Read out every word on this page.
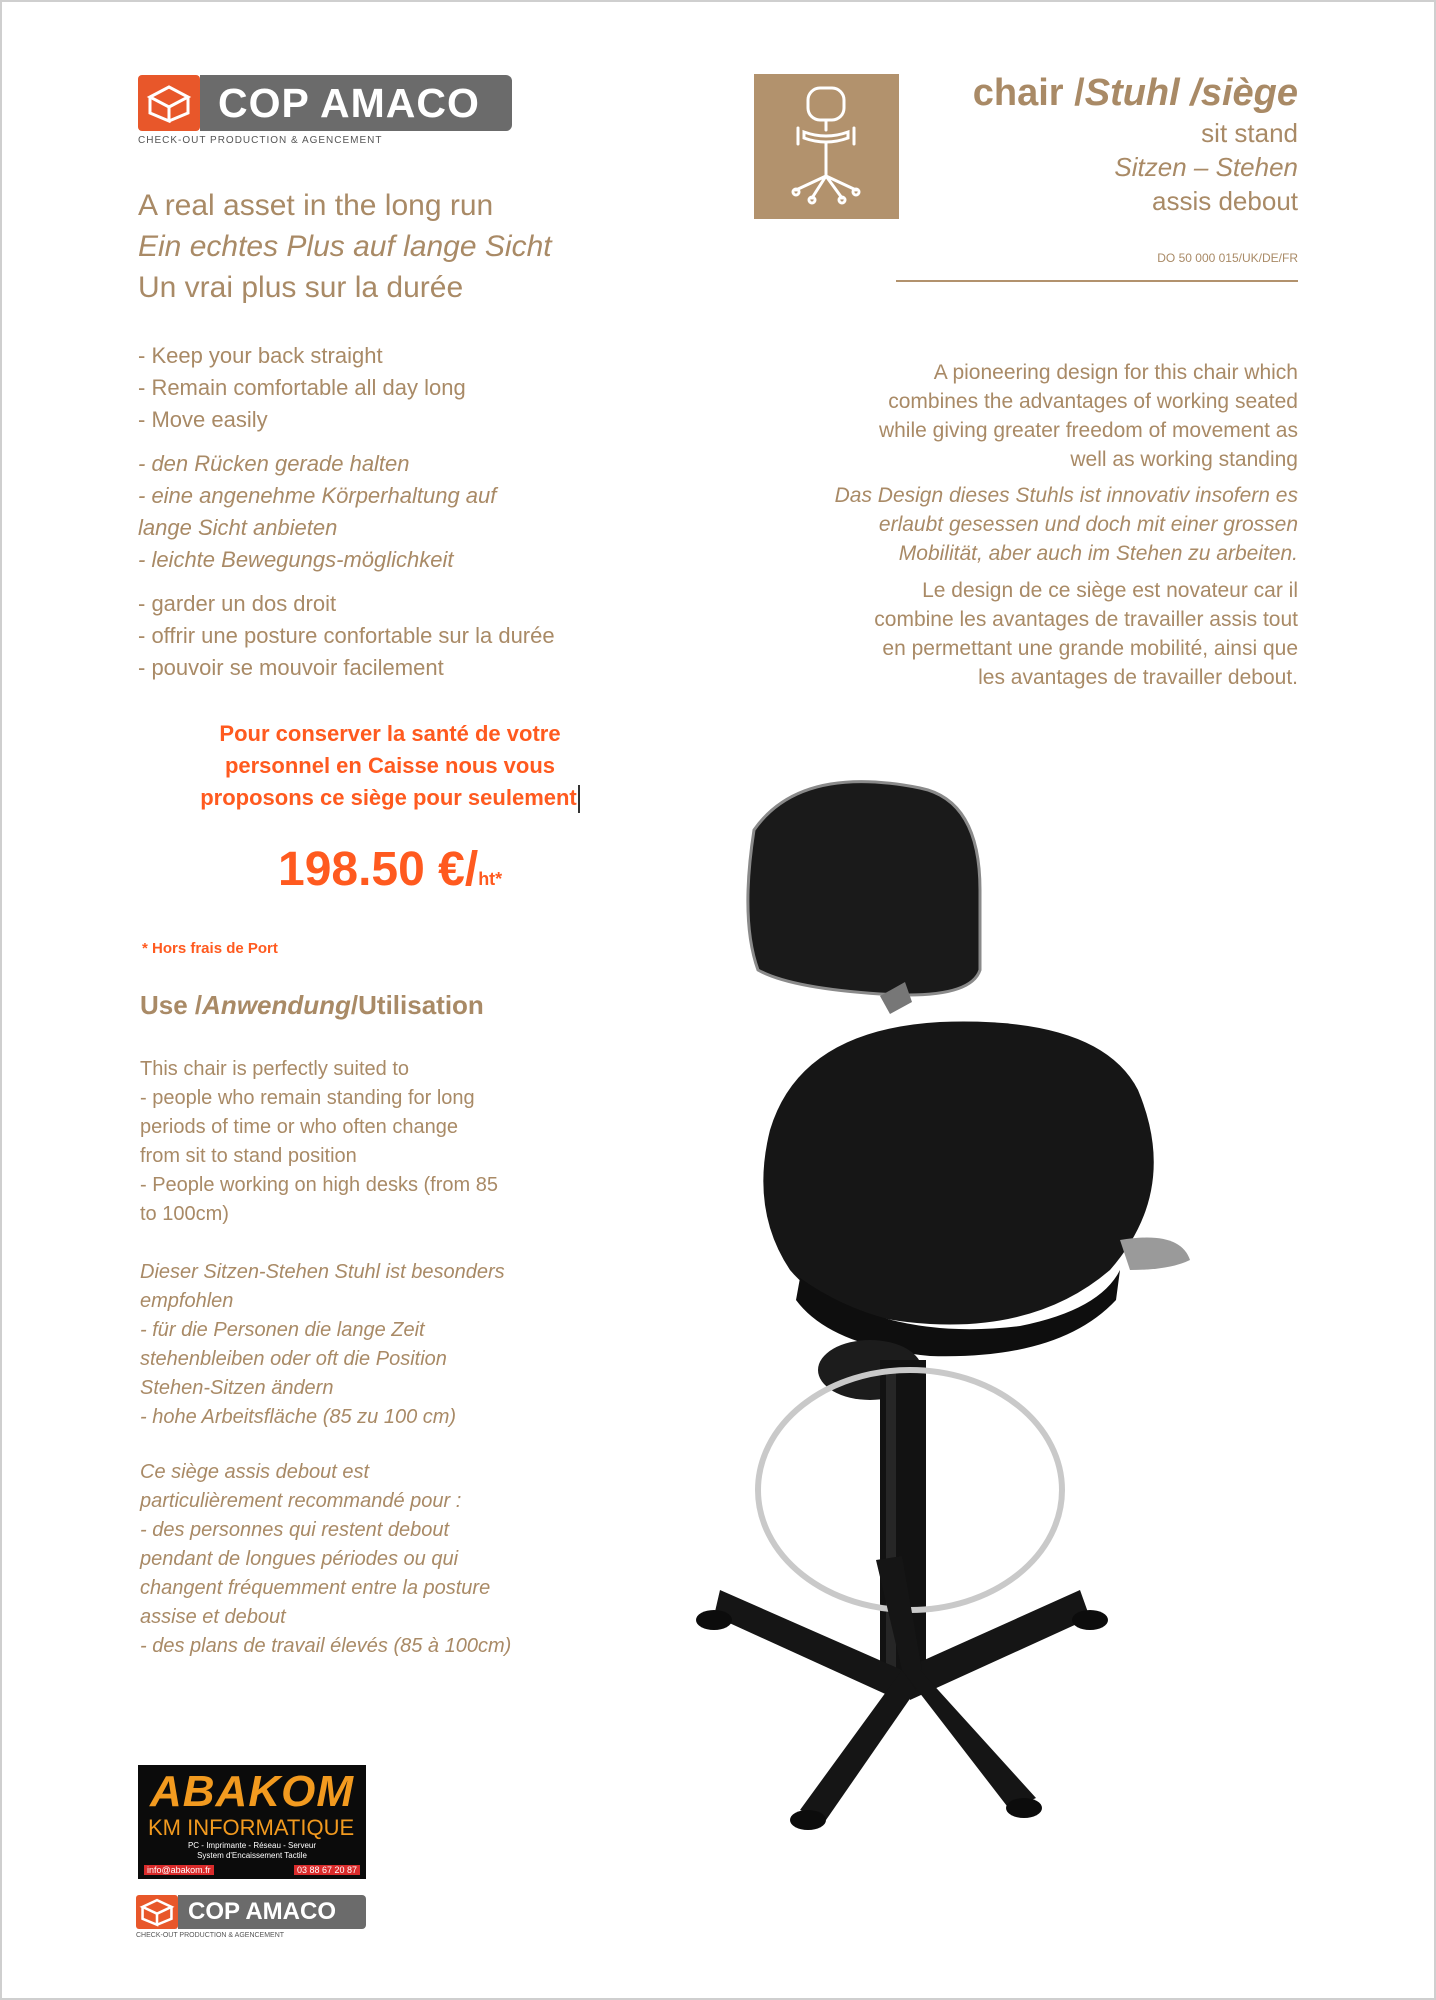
COP AMACO
CHECK-OUT PRODUCTION & AGENCEMENT
A real asset in the long run
Ein echtes Plus auf lange Sicht
Un vrai plus sur la durée
- Keep your back straight
- Remain comfortable all day long
- Move easily
- den Rücken gerade halten
- eine angenehme Körperhaltung auf
lange Sicht anbieten
- leichte Bewegungs-möglichkeit
- garder un dos droit
- offrir une posture confortable sur la durée
- pouvoir se mouvoir facilement
Pour conserver la santé de votre
personnel en Caisse nous vous
proposons ce siège pour seulement
198.50 €/ht*
* Hors frais de Port
Use /Anwendung/Utilisation
This chair is perfectly suited to
- people who remain standing for long
periods of time or who often change
from sit to stand position
- People working on high desks (from 85
to 100cm)
Dieser Sitzen-Stehen Stuhl ist besonders
empfohlen
- für die Personen die lange Zeit
stehenbleiben oder oft die Position
Stehen-Sitzen ändern
- hohe Arbeitsfläche (85 zu 100 cm)
Ce siège assis debout est
particulièrement recommandé pour :
- des personnes qui restent debout
pendant de longues périodes ou qui
changent fréquemment entre la posture
assise et debout
- des plans de travail élevés (85 à 100cm)
chair /Stuhl /siège
sit stand
Sitzen – Stehen
assis debout
DO 50 000 015/UK/DE/FR
A pioneering design for this chair which
combines the advantages of working seated
while giving greater freedom of movement as
well as working standing
Das Design dieses Stuhls ist innovativ insofern es
erlaubt gesessen und doch mit einer grossen
Mobilität, aber auch im Stehen zu arbeiten.
Le design de ce siège est novateur car il
combine les avantages de travailler assis tout
en permettant une grande mobilité, ainsi que
les avantages de travailler debout.
ABAKOM
KM INFORMATIQUE
PC - Imprimante - Réseau - Serveur
System d'Encaissement Tactile
info@abakom.fr	03 88 67 20 87
COP AMACO
CHECK-OUT PRODUCTION & AGENCEMENT
